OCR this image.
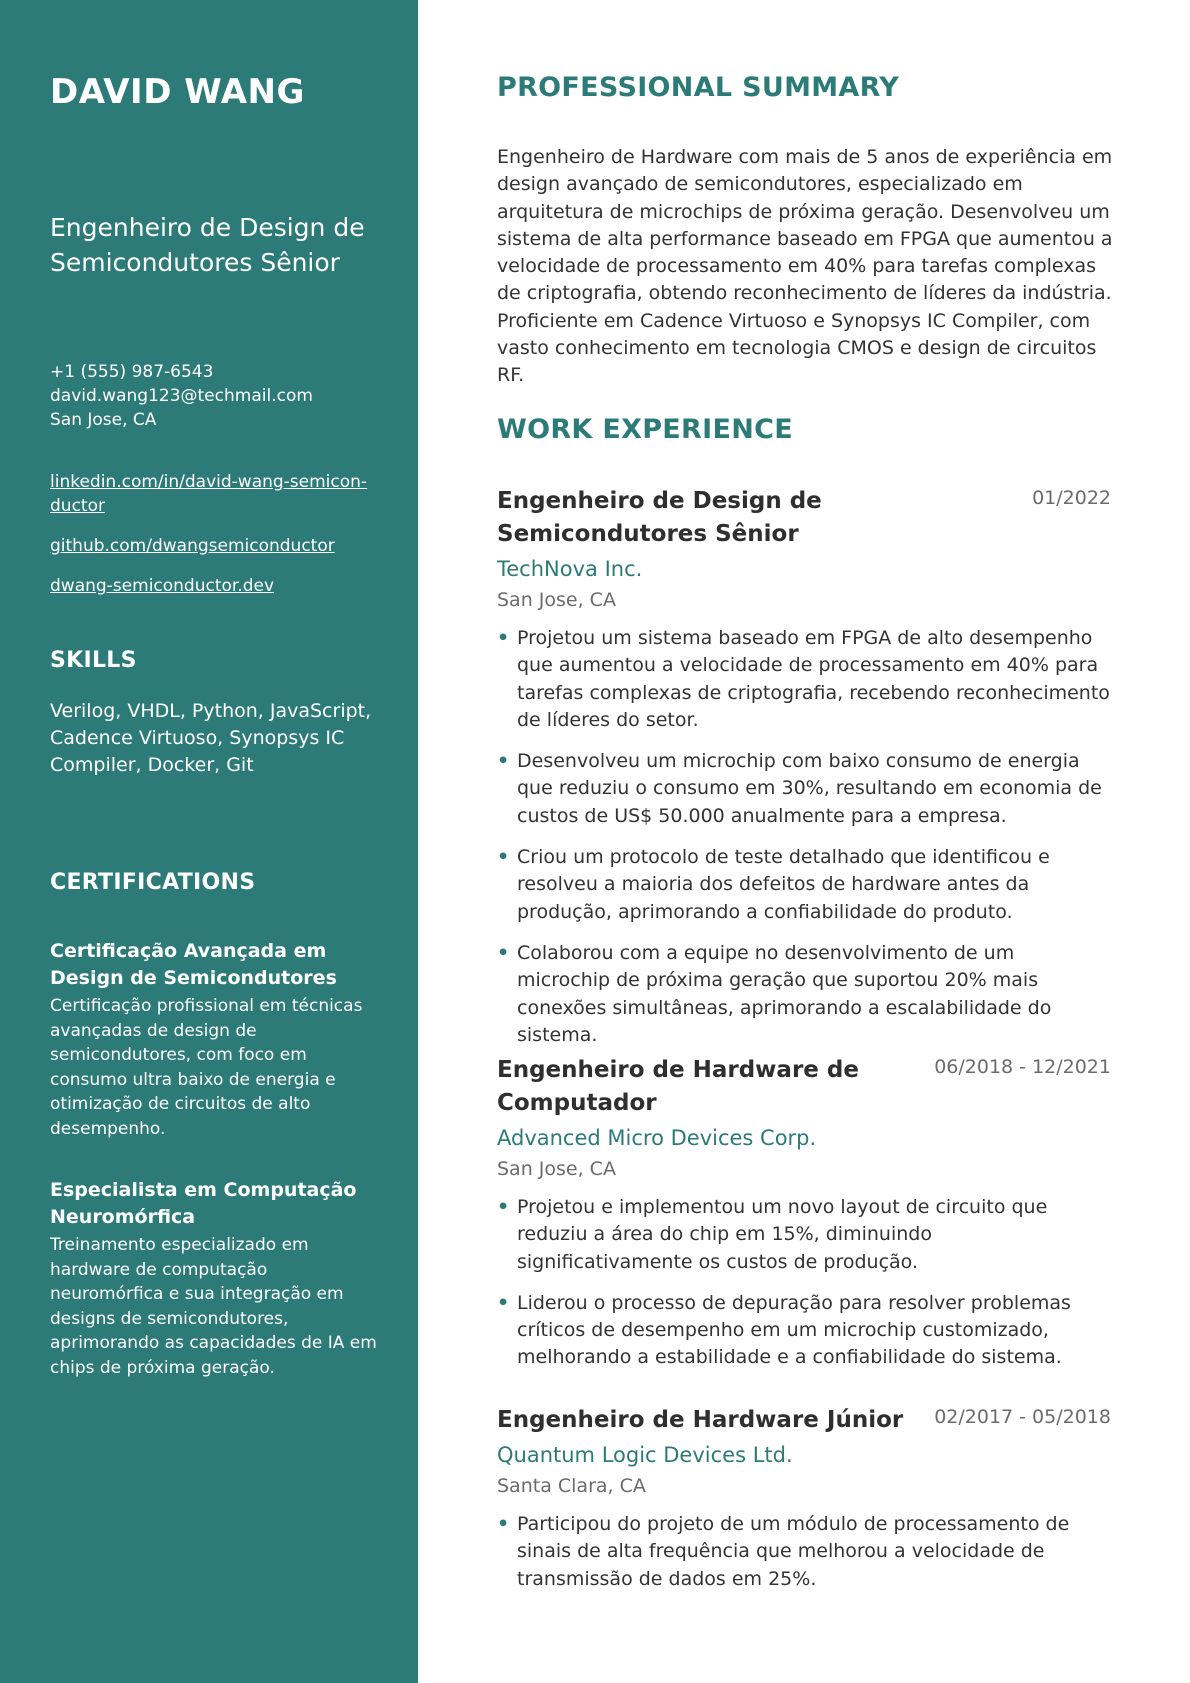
DAVID WANG
Engenheiro de Design de Semicondutores Sênior
+1 (555) 987-6543
david.wang123@techmail.com
San Jose, CA
linkedin.com/in/david-wang-semicon-ductor
github.com/dwangsemiconductor
dwang-semiconductor.dev
SKILLS

Verilog, VHDL, Python, JavaScript, Cadence Virtuoso, Synopsys IC Compiler, Docker, Git

CERTIFICATIONS

Certificação Avançada em Design de Semicondutores

Certificação profissional em técnicas avançadas de design de semicondutores, com foco em consumo ultra baixo de energia e otimização de circuitos de alto desempenho.

Especialista em Computação Neuromórfica

Treinamento especializado em hardware de computação neuromórfica e sua integração em designs de semicondutores, aprimorando as capacidades de IA em chips de próxima geração.

PROFESSIONAL SUMMARY

Engenheiro de Hardware com mais de 5 anos de experiência em design avançado de semicondutores, especializado em arquitetura de microchips de próxima geração. Desenvolveu um sistema de alta performance baseado em FPGA que aumentou a velocidade de processamento em 40% para tarefas complexas de criptografia, obtendo reconhecimento de líderes da indústria. Proficiente em Cadence Virtuoso e Synopsys IC Compiler, com vasto conhecimento em tecnologia CMOS e design de circuitos RF.

WORK EXPERIENCE
Engenheiro de Design de Semicondutores Sênior
01/2022
TechNova Inc.
San Jose, CA
• Projetou um sistema baseado em FPGA de alto desempenho que aumentou a velocidade de processamento em 40% para tarefas complexas de criptografia, recebendo reconhecimento de líderes do setor.
• Desenvolveu um microchip com baixo consumo de energia que reduziu o consumo em 30%, resultando em economia de custos de US$ 50.000 anualmente para a empresa.
• Criou um protocolo de teste detalhado que identificou e resolveu a maioria dos defeitos de hardware antes da produção, aprimorando a confiabilidade do produto.
• Colaborou com a equipe no desenvolvimento de um microchip de próxima geração que suportou 20% mais conexões simultâneas, aprimorando a escalabilidade do sistema.
Engenheiro de Hardware de Computador
06/2018 - 12/2021
Advanced Micro Devices Corp.
San Jose, CA
• Projetou e implementou um novo layout de circuito que reduziu a área do chip em 15%, diminuindo significativamente os custos de produção.
• Liderou o processo de depuração para resolver problemas críticos de desempenho em um microchip customizado, melhorando a estabilidade e a confiabilidade do sistema.
Engenheiro de Hardware Júnior	02/2017 - 05/2018
Quantum Logic Devices Ltd.
Santa Clara, CA
• Participou do projeto de um módulo de processamento de sinais de alta frequência que melhorou a velocidade de transmissão de dados em 25%.
